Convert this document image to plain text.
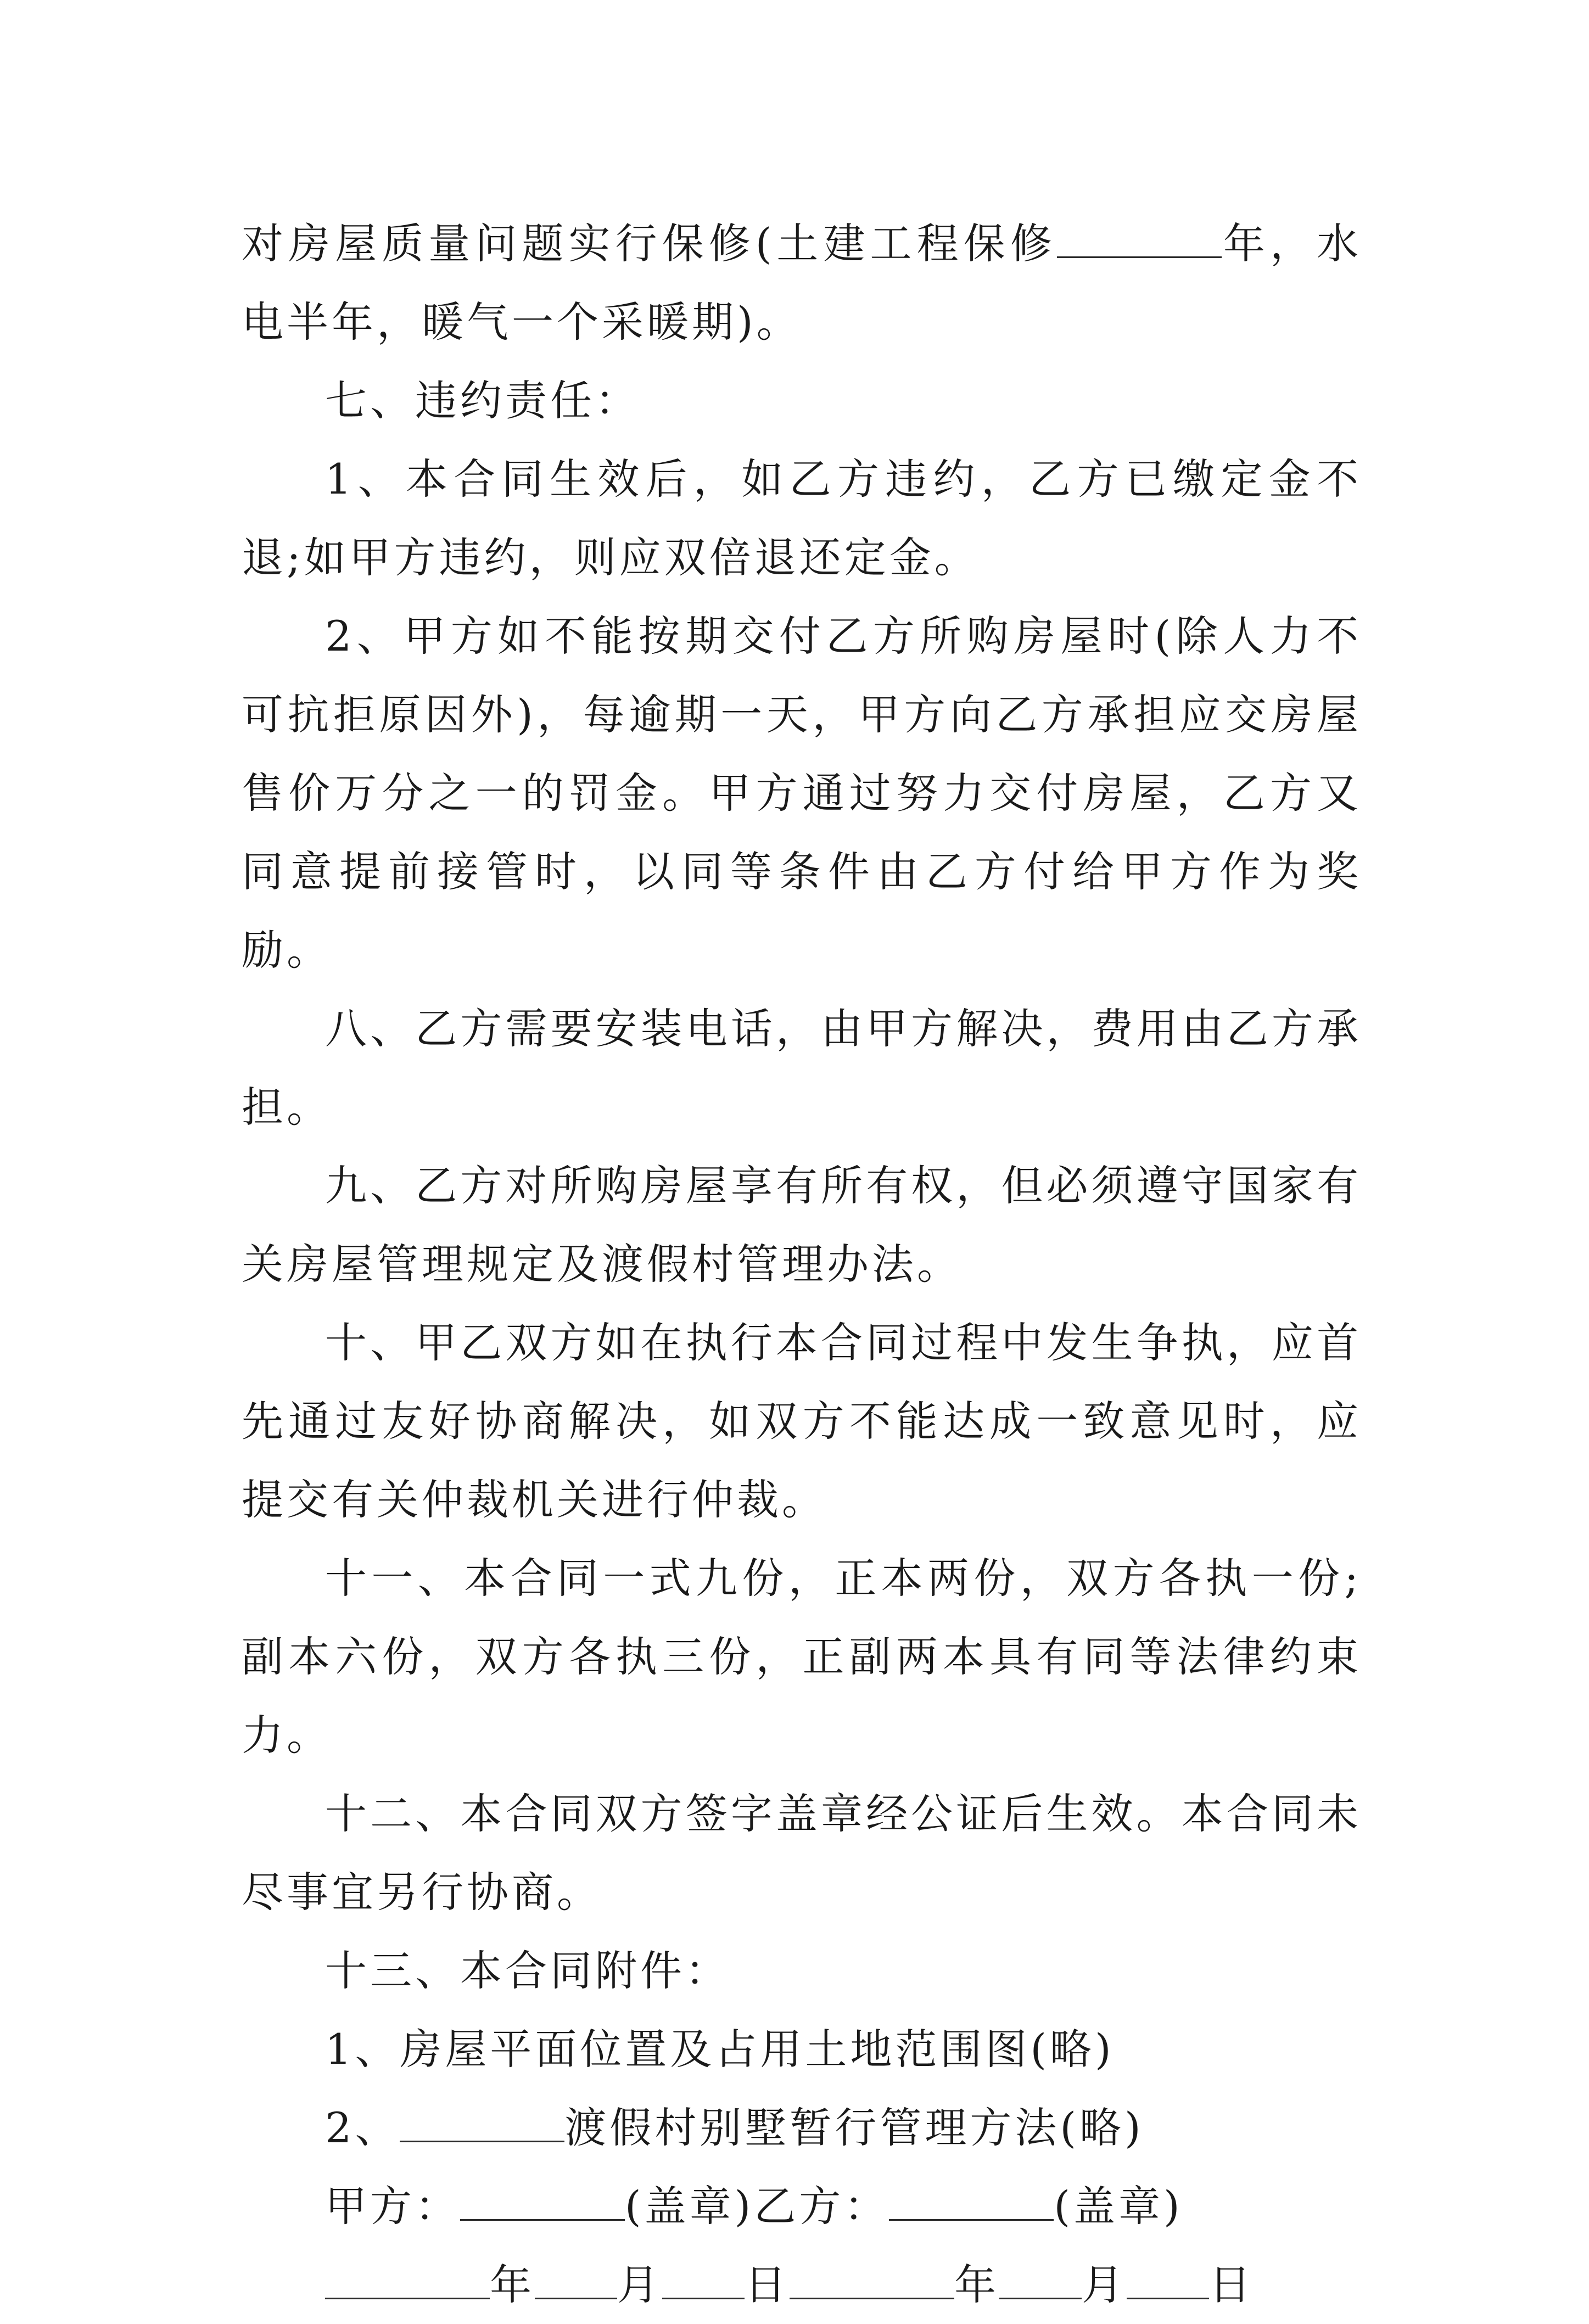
对房屋质量问题实行保修(土建工程保修	年，水电半年，暖气一个采暖期)。

七、违约责任：

1、本合同生效后，如乙方违约，乙方已缴定金不退;如甲方违约，则应双倍退还定金。

2、甲方如不能按期交付乙方所购房屋时(除人力不可抗拒原因外)，每逾期一天，甲方向乙方承担应交房屋售价万分之一的罚金。甲方通过努力交付房屋，乙方又同意提前接管时，以同等条件由乙方付给甲方作为奖励。

八、乙方需要安装电话，由甲方解决，费用由乙方承担。

九、乙方对所购房屋享有所有权，但必须遵守国家有关房屋管理规定及渡假村管理办法。

十、甲乙双方如在执行本合同过程中发生争执，应首先通过友好协商解决，如双方不能达成一致意见时，应提交有关仲裁机关进行仲裁。

十一、本合同一式九份，正本两份，双方各执一份;副本六份，双方各执三份，正副两本具有同等法律约束力。

十二、本合同双方签字盖章经公证后生效。本合同未尽事宜另行协商。

十三、本合同附件：

1、房屋平面位置及占用土地范围图(略)

2、	渡假村别墅暂行管理方法(略)

甲方：	(盖章)乙方：	(盖章)

年 月 日	年 月 日
